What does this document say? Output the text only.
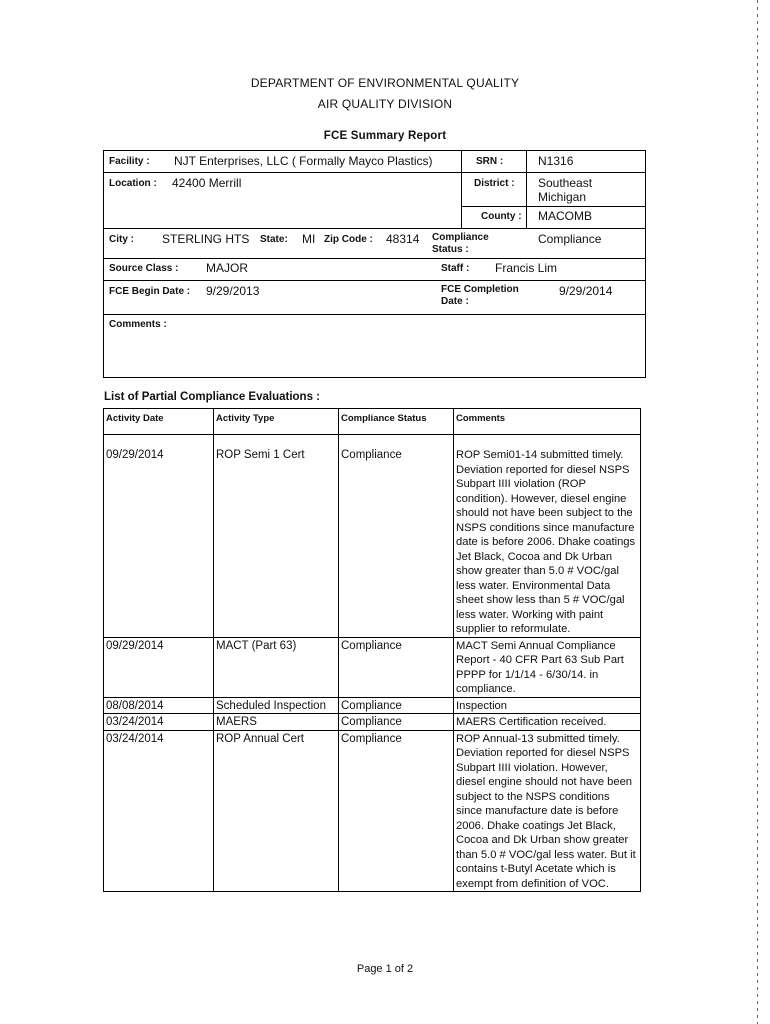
DEPARTMENT OF ENVIRONMENTAL QUALITY
AIR QUALITY DIVISION
FCE Summary Report
Facility : NJT Enterprises, LLC ( Formally Mayco Plastics)	SRN :	N1316
Location : 42400 Merrill	District : Southeast
Michigan
County : MACOMB
City : STERLING HTS State: MI Zip Code : 48314 Compliance
Status :
Compliance
Source Class : MAJOR	Staff : Francis Lim
FCE Begin Date : 9/29/2013	FCE Completion
Date :
9/29/2014
Comments :
List of Partial Compliance Evaluations :
Activity Date	Activity Type	Compliance Status	Comments
09/29/2014	ROP Semi 1 Cert	Compliance	ROP Semi01-14 submitted timely. Deviation reported for diesel NSPS Subpart IIII violation (ROP condition). However, diesel engine should not have been subject to the NSPS conditions since manufacture date is before 2006. Dhake coatings Jet Black, Cocoa and Dk Urban show greater than 5.0 # VOC/gal less water. Environmental Data sheet show less than 5 # VOC/gal less water. Working with paint supplier to reformulate.
09/29/2014	MACT (Part 63)	Compliance	MACT Semi Annual Compliance Report - 40 CFR Part 63 Sub Part PPPP for 1/1/14 - 6/30/14. in compliance.
08/08/2014	Scheduled Inspection	Compliance	Inspection
03/24/2014	MAERS	Compliance	MAERS Certification received.
03/24/2014	ROP Annual Cert	Compliance	ROP Annual-13 submitted timely. Deviation reported for diesel NSPS Subpart IIII violation. However, diesel engine should not have been subject to the NSPS conditions since manufacture date is before 2006. Dhake coatings Jet Black, Cocoa and Dk Urban show greater than 5.0 # VOC/gal less water. But it contains t-Butyl Acetate which is exempt from definition of VOC.
Page 1 of 2
